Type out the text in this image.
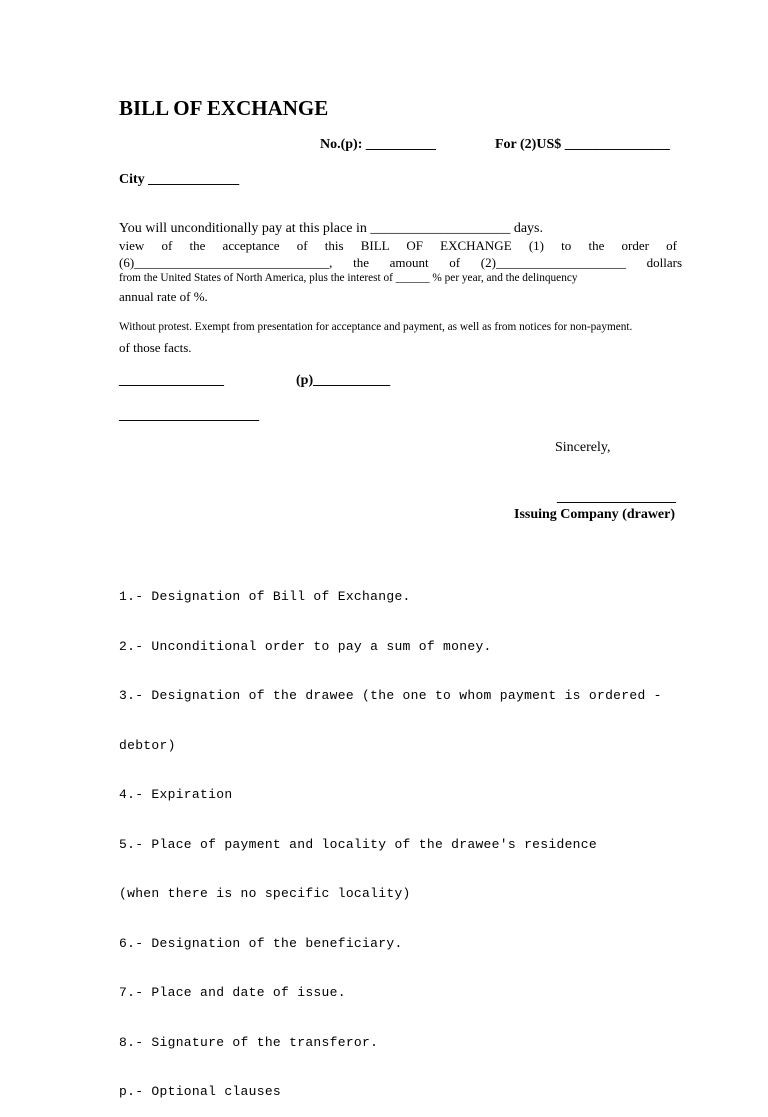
BILL OF EXCHANGE
No.(p): __________	For (2)US$ _______________
City _____________
You will unconditionally pay at this place in ____________________ days.
view of the acceptance of this BILL OF EXCHANGE (1) to the order of
(6)______________________________, the amount of (2)____________________ dollars
from the United States of North America, plus the interest of ______ % per year, and the delinquency
annual rate of %.
Without protest. Exempt from presentation for acceptance and payment, as well as from notices for non-payment.
of those facts.
_______________	(p)___________
____________________
Sincerely,
_________________
Issuing Company (drawer)

1.- Designation of Bill of Exchange.

2.- Unconditional order to pay a sum of money.

3.- Designation of the drawee (the one to whom payment is ordered -

debtor)

4.- Expiration

5.- Place of payment and locality of the drawee's residence

(when there is no specific locality)

6.- Designation of the beneficiary.

7.- Place and date of issue.

8.- Signature of the transferor.

p.- Optional clauses
